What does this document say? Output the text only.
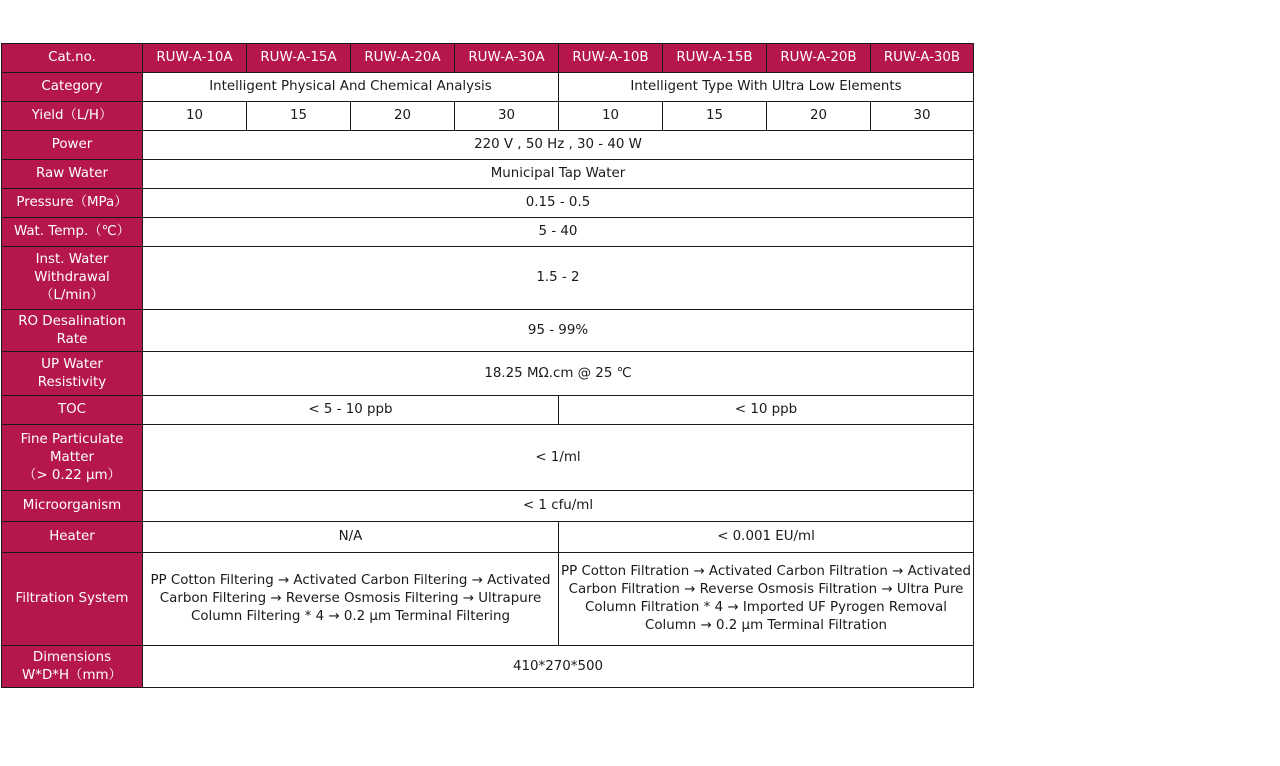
Cat.no.	RUW-A-10A	RUW-A-15A	RUW-A-20A	RUW-A-30A	RUW-A-10B	RUW-A-15B	RUW-A-20B	RUW-A-30B
Category	Intelligent Physical And Chemical Analysis				Intelligent Type With Ultra Low Elements			
Yield（L/H）	10	15	20	30	10	15	20	30
Power	220 V , 50 Hz , 30 - 40 W							
Raw Water	Municipal Tap Water							
Pressure（MPa）	0.15 - 0.5							
Wat. Temp.（℃）	5 - 40							

Inst. Water
Withdrawal
（L/min）	1.5 - 2							

RO Desalination
Rate	95 - 99%							

UP Water
Resistivity	18.25 MΩ.cm @ 25 ℃							
TOC	< 5 - 10 ppb				< 10 ppb			

Fine Particulate
Matter
（> 0.22 μm）	< 1/ml							
Microorganism	< 1 cfu/ml							
Heater	N/A				< 0.001 EU/ml			
Filtration System	PP Cotton Filtering → Activated Carbon Filtering → Activated Carbon Filtering → Reverse Osmosis Filtering → Ultrapure Column Filtering * 4 → 0.2 μm Terminal Filtering				PP Cotton Filtration → Activated Carbon Filtration → Activated Carbon Filtration → Reverse Osmosis Filtration → Ultra Pure Column Filtration * 4 → Imported UF Pyrogen Removal Column → 0.2 μm Terminal Filtration			

Dimensions
W*D*H（mm）	410*270*500							
